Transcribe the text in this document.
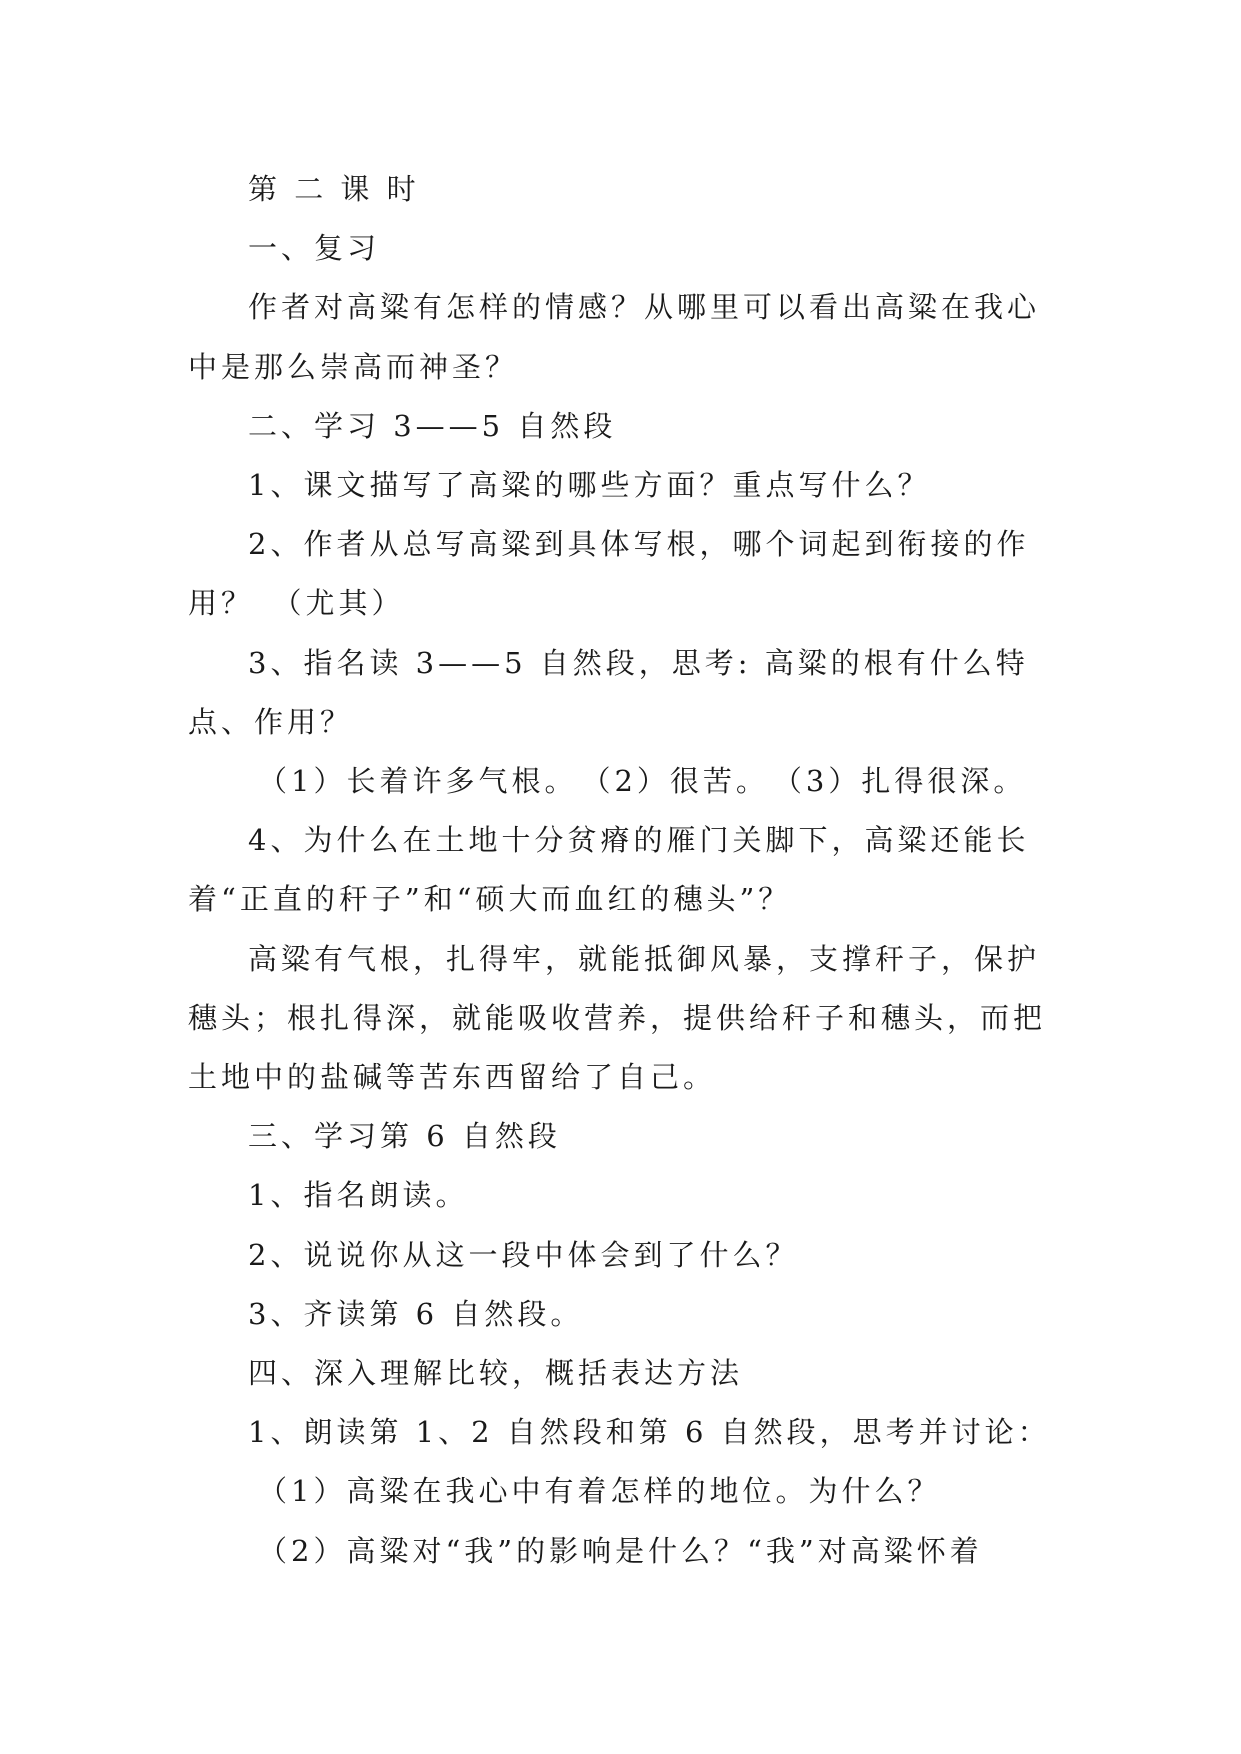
第 二 课 时

一、复习

作者对高粱有怎样的情感？从哪里可以看出高粱在我心中是那么崇高而神圣？

二、学习 3——5 自然段

1、课文描写了高粱的哪些方面？重点写什么？

2、作者从总写高粱到具体写根，哪个词起到衔接的作用？　（尤其）

3、指名读 3——5 自然段，思考: 高粱的根有什么特点、作用？

（1）长着许多气根。　（2）很苦。　（3）扎得很深。

4、为什么在土地十分贫瘠的雁门关脚下，高粱还能长着“正直的秆子”和“硕大而血红的穗头”？

高粱有气根，扎得牢，就能抵御风暴，支撑秆子，保护穗头；根扎得深，就能吸收营养，提供给秆子和穗头，而把土地中的盐碱等苦东西留给了自己。

三、学习第 6 自然段

1、指名朗读。

2、说说你从这一段中体会到了什么？

3、齐读第 6 自然段。

四、深入理解比较，概括表达方法

1、朗读第 1、2 自然段和第 6 自然段，思考并讨论：

（1）高粱在我心中有着怎样的地位。为什么？

（2）高粱对“我”的影响是什么？“我”对高粱怀着
